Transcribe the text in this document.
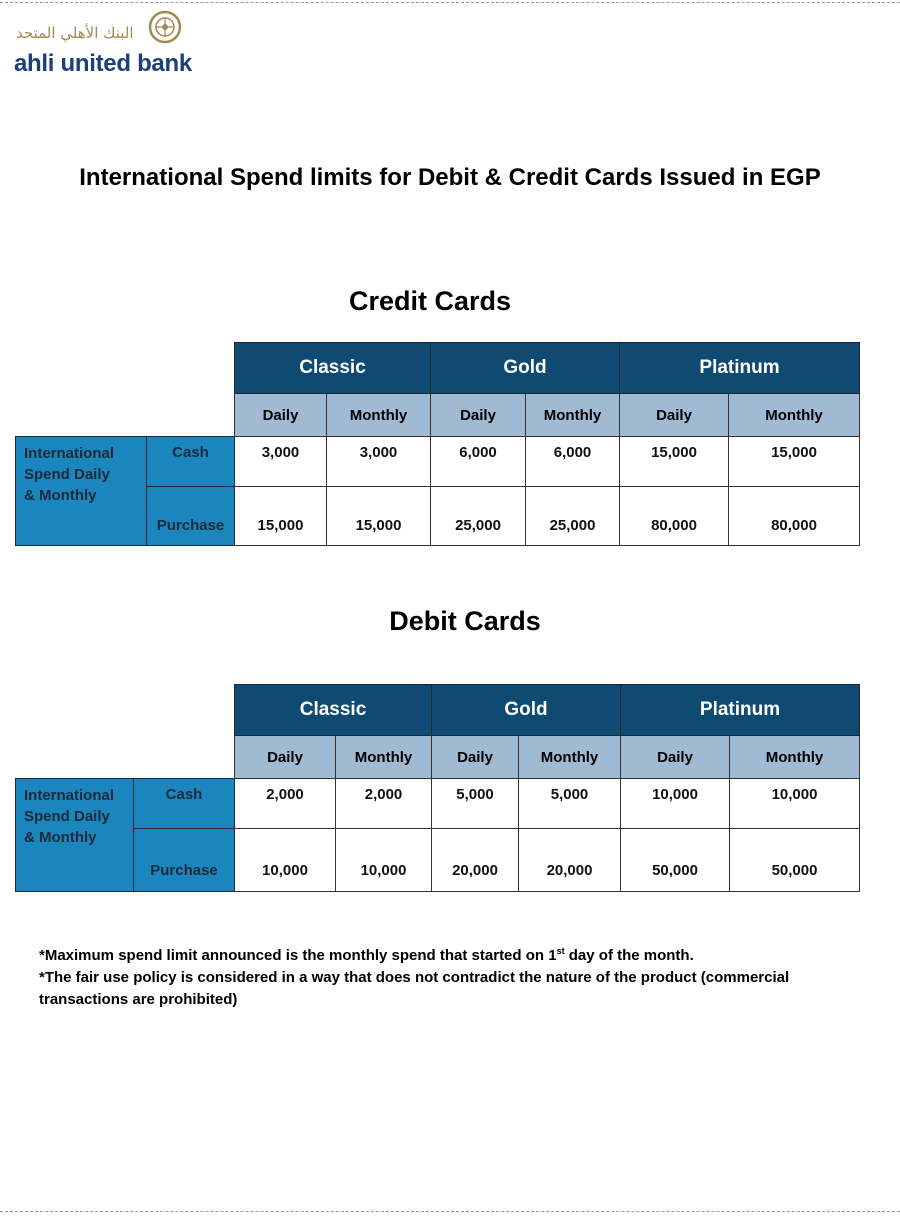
البنك الأهلي المتحد
ahli united bank
International Spend limits for Debit & Credit Cards Issued in EGP
Credit Cards
		Classic		Gold		Platinum	
		Daily	Monthly	Daily	Monthly	Daily	Monthly
International
Spend Daily
& Monthly	Cash	3,000	3,000	6,000	6,000	15,000	15,000
	Purchase	15,000	15,000	25,000	25,000	80,000	80,000
Debit Cards
		Classic		Gold		Platinum	
		Daily	Monthly	Daily	Monthly	Daily	Monthly
International
Spend Daily
& Monthly	Cash	2,000	2,000	5,000	5,000	10,000	10,000
	Purchase	10,000	10,000	20,000	20,000	50,000	50,000

*Maximum spend limit announced is the monthly spend that started on 1st day of the month.

*The fair use policy is considered in a way that does not contradict the nature of the product (commercial transactions are prohibited)
